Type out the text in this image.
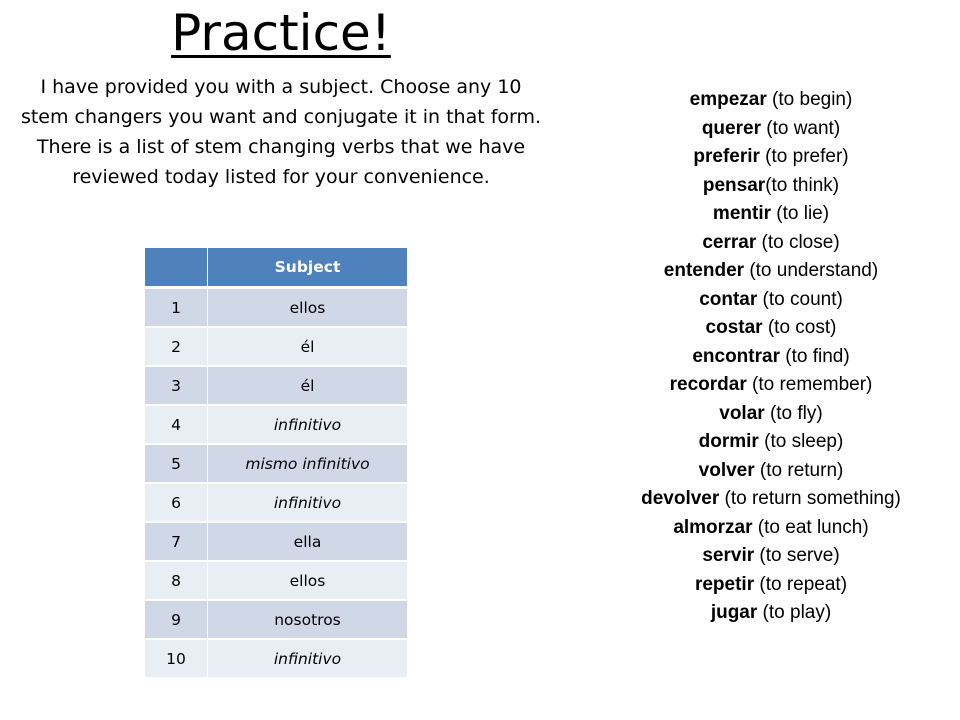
Practice!
I have provided you with a subject. Choose any 10 stem changers you want and conjugate it in that form. There is a list of stem changing verbs that we have reviewed today listed for your convenience.
	Subject
1	ellos
2	él
3	él
4	infinitivo
5	mismo infinitivo
6	infinitivo
7	ella
8	ellos
9	nosotros
10	infinitivo
empezar (to begin)
querer (to want)
preferir (to prefer)
pensar(to think)
mentir (to lie)
cerrar (to close)
entender (to understand)
contar (to count)
costar (to cost)
encontrar (to find)
recordar (to remember)
volar (to fly)
dormir (to sleep)
volver (to return)
devolver (to return something)
almorzar (to eat lunch)
servir (to serve)
repetir (to repeat)
jugar (to play)
